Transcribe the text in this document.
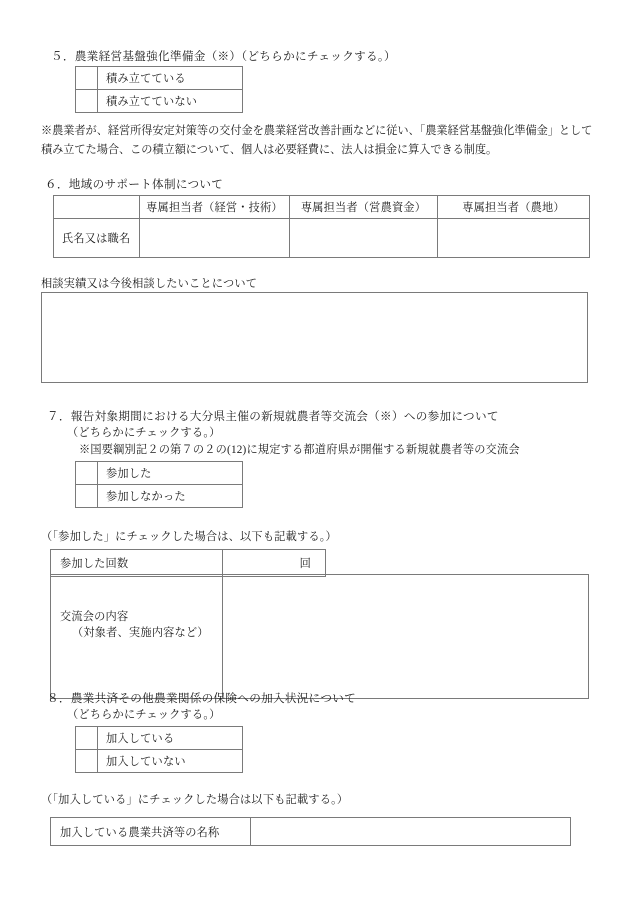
５．農業経営基盤強化準備金（※）（どちらかにチェックする。）
	積み立てている
	積み立てていない
※農業者が、経営所得安定対策等の交付金を農業経営改善計画などに従い、「農業経営基盤強化準備金」として積み立てた場合、この積立額について、個人は必要経費に、法人は損金に算入できる制度。
６．地域のサポート体制について
	専属担当者（経営・技術）	専属担当者（営農資金）	専属担当者（農地）
氏名又は職名			
相談実績又は今後相談したいことについて
７．報告対象期間における大分県主催の新規就農者等交流会（※）への参加について
（どちらかにチェックする。）
※国要綱別記２の第７の２の(12)に規定する都道府県が開催する新規就農者等の交流会
	参加した
	参加しなかった
（「参加した」にチェックした場合は、以下も記載する。）
参加した回数	回
交流会の内容
（対象者、実施内容など）	
８．農業共済その他農業関係の保険への加入状況について
（どちらかにチェックする。）
	加入している
	加入していない
（「加入している」にチェックした場合は以下も記載する。）
加入している農業共済等の名称	
